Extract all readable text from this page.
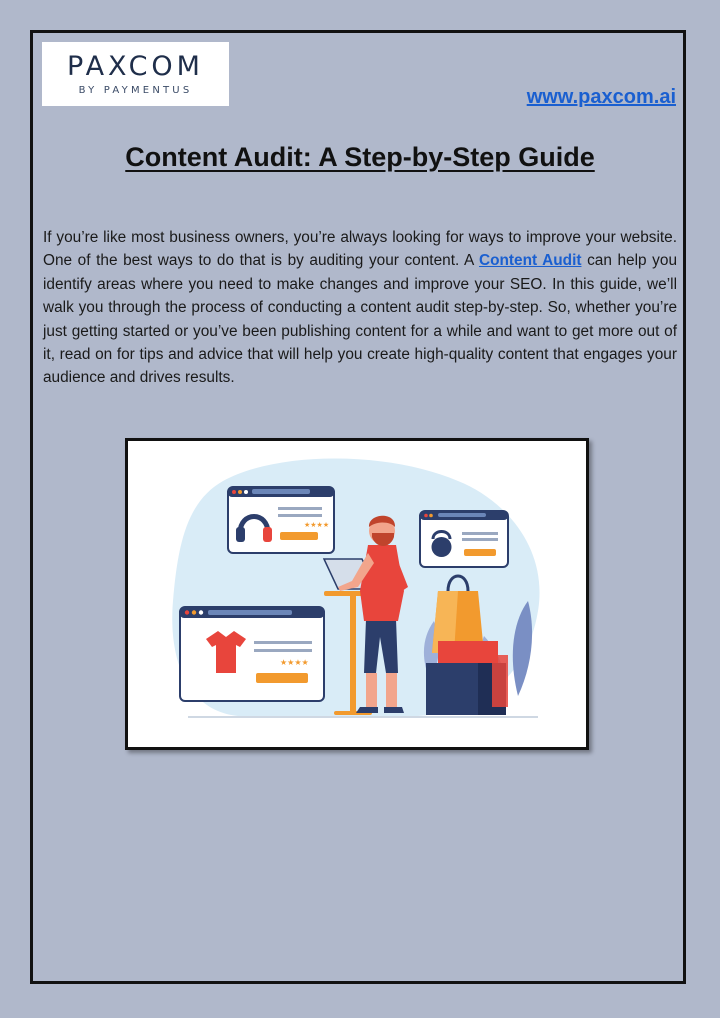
PAXCOM
BY PAYMENTUS	www.paxcom.ai
Content Audit: A Step-by-Step Guide

If you’re like most business owners, you’re always looking for ways to improve your website. One of the best ways to do that is by auditing your content. A Content Audit can help you identify areas where you need to make changes and improve your SEO. In this guide, we’ll walk you through the process of conducting a content audit step-by-step. So, whether you’re just getting started or you’ve been publishing content for a while and want to get more out of it, read on for tips and advice that will help you create high-quality content that engages your audience and drives results.

★★★★
★★★★
